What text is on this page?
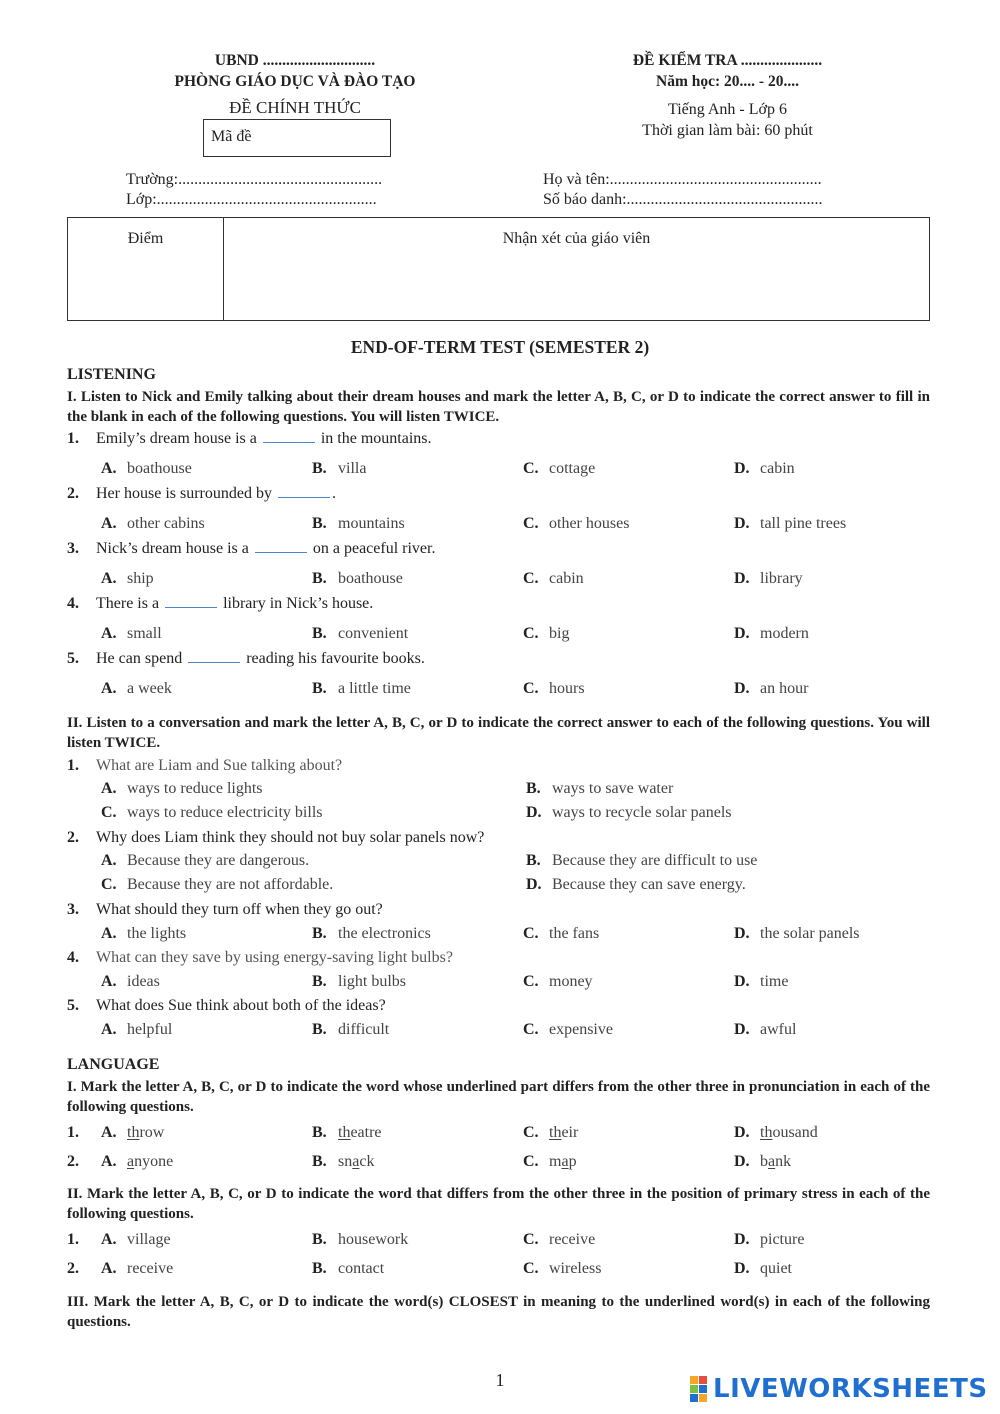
UBND .............................
PHÒNG GIÁO DỤC VÀ ĐÀO TẠO
ĐỀ CHÍNH THỨC
Mã đề
ĐỀ KIỂM TRA .....................
Năm học: 20.... - 20....
Tiếng Anh - Lớp 6
Thời gian làm bài: 60 phút
Trường:...................................................
Lớp:.......................................................
Họ và tên:.....................................................
Số báo danh:.................................................
Điểm	Nhận xét của giáo viên
END-OF-TERM TEST (SEMESTER 2)
LISTENING
I. Listen to Nick and Emily talking about their dream houses and mark the letter A, B, C, or D to indicate the correct answer to fill in the blank in each of the following questions. You will listen TWICE.
1. Emily’s dream house is a	in the mountains.
A. boathouse	B. villa	C. cottage	D. cabin
2. Her house is surrounded by	.
A. other cabins	B. mountains	C. other houses	D. tall pine trees
3. Nick’s dream house is a	on a peaceful river.
A. ship	B. boathouse	C. cabin	D. library
4. There is a	library in Nick’s house.
A. small	B. convenient	C. big	D. modern
5. He can spend	reading his favourite books.
A. a week	B. a little time	C. hours	D. an hour
II. Listen to a conversation and mark the letter A, B, C, or D to indicate the correct answer to each of the following questions. You will listen TWICE.
1. What are Liam and Sue talking about?
A. ways to reduce lights	B. ways to save water
C. ways to reduce electricity bills	D. ways to recycle solar panels
2. Why does Liam think they should not buy solar panels now?
A. Because they are dangerous.	B. Because they are difficult to use
C. Because they are not affordable.	D. Because they can save energy.
3. What should they turn off when they go out?
A. the lights	B. the electronics	C. the fans	D. the solar panels
4. What can they save by using energy-saving light bulbs?
A. ideas	B. light bulbs	C. money	D. time
5. What does Sue think about both of the ideas?
A. helpful	B. difficult	C. expensive	D. awful
LANGUAGE
I. Mark the letter A, B, C, or D to indicate the word whose underlined part differs from the other three in pronunciation in each of the following questions.
1. A. throw	B. theatre	C. their	D. thousand
2. A. anyone	B. snack	C. map	D. bank
II. Mark the letter A, B, C, or D to indicate the word that differs from the other three in the position of primary stress in each of the following questions.
1. A. village	B. housework	C. receive	D. picture
2. A. receive	B. contact	C. wireless	D. quiet
III. Mark the letter A, B, C, or D to indicate the word(s) CLOSEST in meaning to the underlined word(s) in each of the following questions.
1	LIVEWORKSHEETS
